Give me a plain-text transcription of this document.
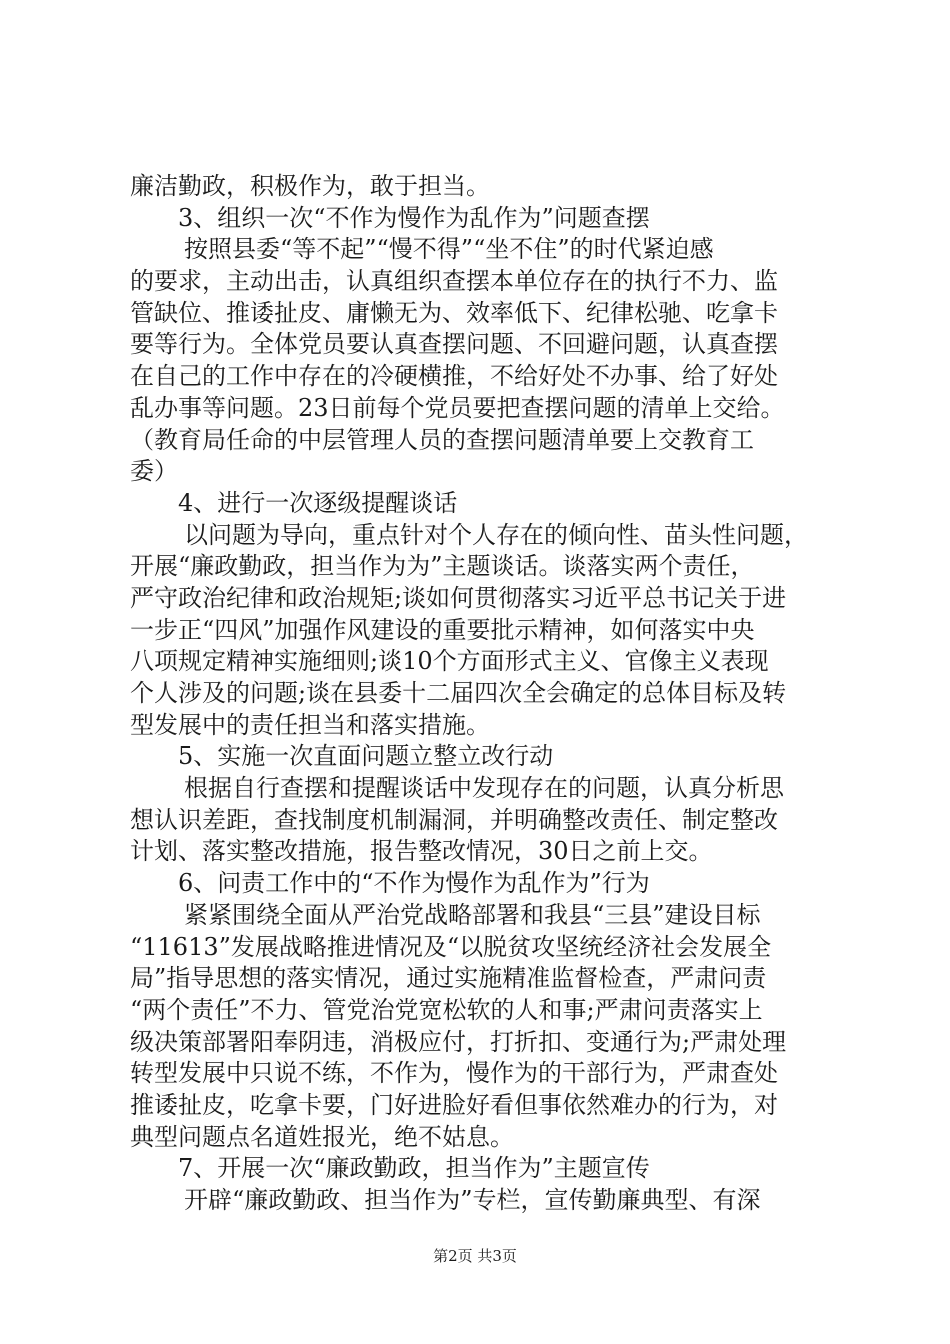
廉洁勤政，积极作为，敢于担当。
3、组织一次“不作为慢作为乱作为”问题查摆
按照县委“等不起”“慢不得”“坐不住”的时代紧迫感
的要求，主动出击，认真组织查摆本单位存在的执行不力、监
管缺位、推诿扯皮、庸懒无为、效率低下、纪律松驰、吃拿卡
要等行为。全体党员要认真查摆问题、不回避问题，认真查摆
在自己的工作中存在的冷硬横推，不给好处不办事、给了好处
乱办事等问题。23日前每个党员要把查摆问题的清单上交给。
（教育局任命的中层管理人员的查摆问题清单要上交教育工
委）
4、进行一次逐级提醒谈话
以问题为导向，重点针对个人存在的倾向性、苗头性问题，
开展“廉政勤政，担当作为为”主题谈话。谈落实两个责任，
严守政治纪律和政治规矩;谈如何贯彻落实习近平总书记关于进
一步正“四风”加强作风建设的重要批示精神，如何落实中央
八项规定精神实施细则;谈10个方面形式主义、官像主义表现
个人涉及的问题;谈在县委十二届四次全会确定的总体目标及转
型发展中的责任担当和落实措施。
5、实施一次直面问题立整立改行动
根据自行查摆和提醒谈话中发现存在的问题，认真分析思
想认识差距，查找制度机制漏洞，并明确整改责任、制定整改
计划、落实整改措施，报告整改情况，30日之前上交。
6、问责工作中的“不作为慢作为乱作为”行为
紧紧围绕全面从严治党战略部署和我县“三县”建设目标
“11613”发展战略推进情况及“以脱贫攻坚统经济社会发展全
局”指导思想的落实情况，通过实施精准监督检查，严肃问责
“两个责任”不力、管党治党宽松软的人和事;严肃问责落实上
级决策部署阳奉阴违，消极应付，打折扣、变通行为;严肃处理
转型发展中只说不练，不作为，慢作为的干部行为，严肃查处
推诿扯皮，吃拿卡要，门好进脸好看但事依然难办的行为，对
典型问题点名道姓报光，绝不姑息。
7、开展一次“廉政勤政，担当作为”主题宣传
开辟“廉政勤政、担当作为”专栏，宣传勤廉典型、有深
第2页 共3页
